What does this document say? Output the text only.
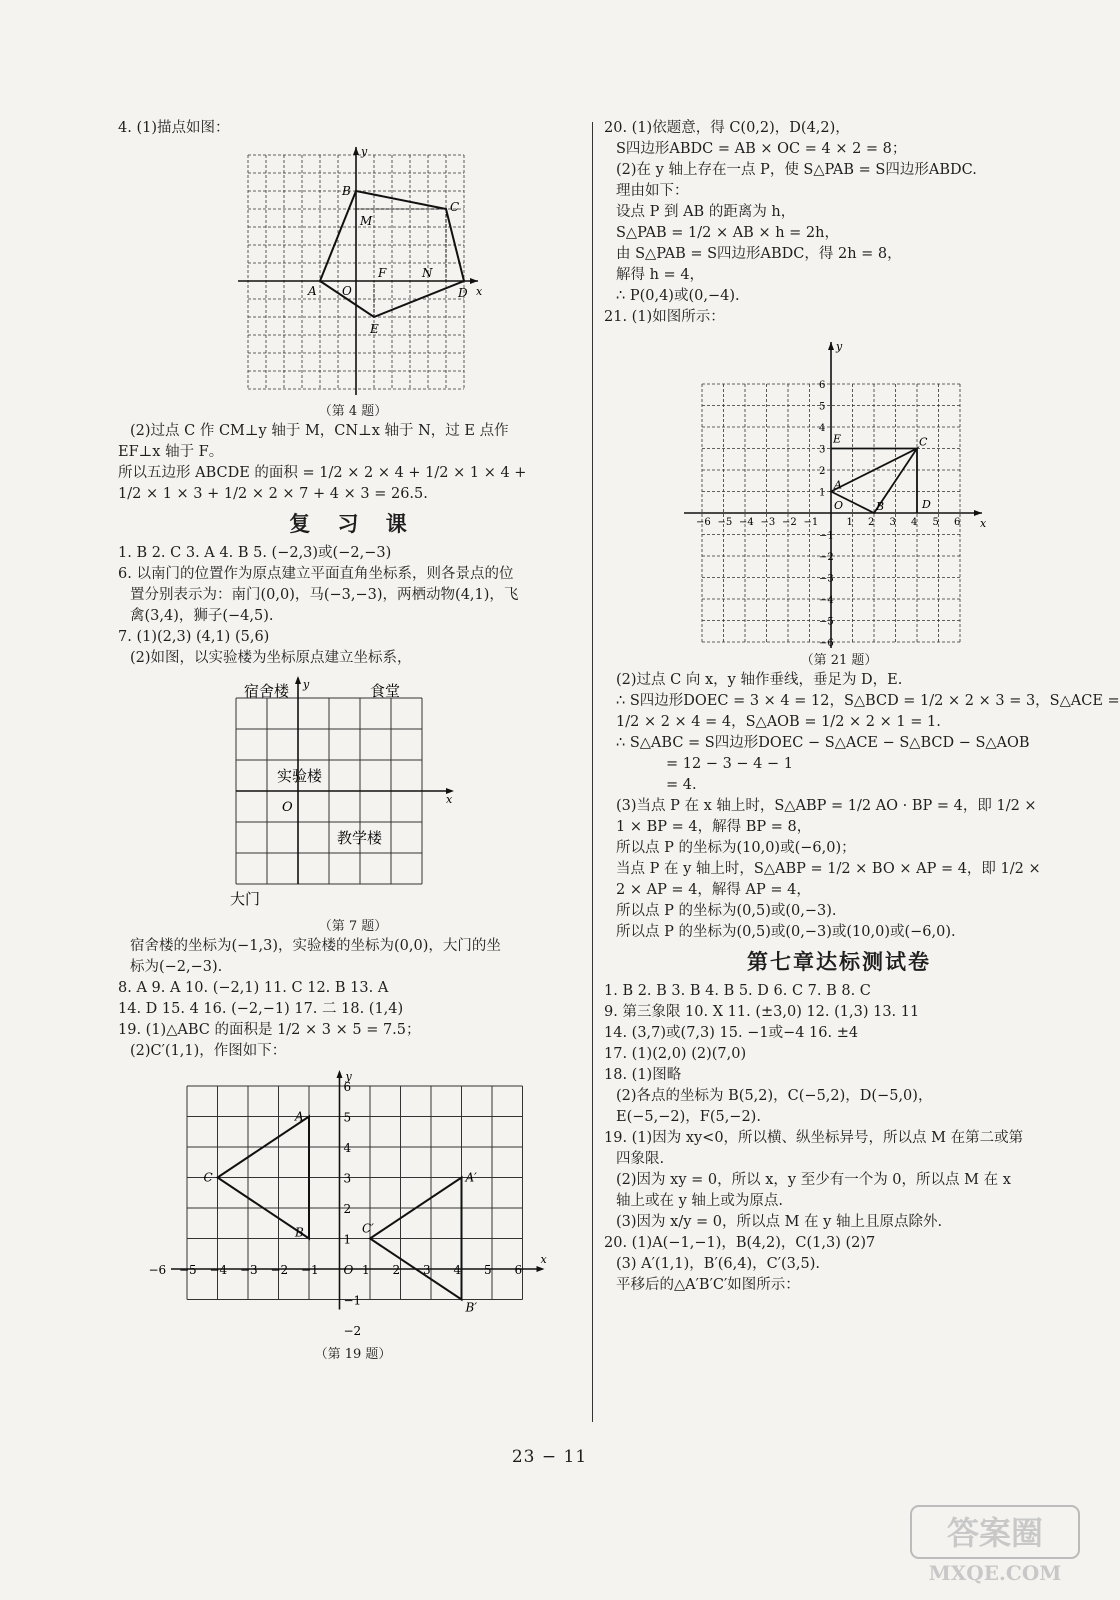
4. (1)描点如图：
x
y
A
B
C
D
E
F
M
N
O
（第 4 题）
(2)过点 C 作 CM⊥y 轴于 M，CN⊥x 轴于 N，过 E 点作
EF⊥x 轴于 F。
所以五边形 ABCDE 的面积 = 1/2 × 2 × 4 + 1/2 × 1 × 4 +
1/2 × 1 × 3 + 1/2 × 2 × 7 + 4 × 3 = 26.5.
复 习 课
1. B 2. C 3. A 4. B 5. (−2,3)或(−2,−3)
6. 以南门的位置作为原点建立平面直角坐标系，则各景点的位
置分别表示为：南门(0,0)，马(−3,−3)，两栖动物(4,1)，飞
禽(3,4)，狮子(−4,5).
7. (1)(2,3) (4,1) (5,6)
(2)如图，以实验楼为坐标原点建立坐标系，
x
y
宿舍楼	食堂
实验楼
教学楼
大门
O
（第 7 题）
宿舍楼的坐标为(−1,3)，实验楼的坐标为(0,0)，大门的坐
标为(−2,−3).
8. A 9. A 10. (−2,1) 11. C 12. B 13. A
14. D 15. 4 16. (−2,−1) 17. 二 18. (1,4)
19. (1)△ABC 的面积是 1/2 × 3 × 5 = 7.5；
(2)C′(1,1)，作图如下：
x
y
−6 −5 −4 −3 −2 −1	1 2 3 4 5 6
−2
−1
1
2
3
4
5
6
O
A
B
C	A′
B′
C′
（第 19 题）
20. (1)依题意，得 C(0,2)，D(4,2)，
S四边形ABDC = AB × OC = 4 × 2 = 8；
(2)在 y 轴上存在一点 P，使 S△PAB = S四边形ABDC.
理由如下：
设点 P 到 AB 的距离为 h，
S△PAB = 1/2 × AB × h = 2h，
由 S△PAB = S四边形ABDC，得 2h = 8，
解得 h = 4，
∴ P(0,4)或(0,−4).
21. (1)如图所示：
x
y
−6 −5 −4 −3 −2 −1	1 2 3 4 5 6
−6
−5
−4
−3
−2
−1
1
2
3
4
5
6
A
B
C
D
E
O
（第 21 题）
(2)过点 C 向 x，y 轴作垂线，垂足为 D，E.
∴ S四边形DOEC = 3 × 4 = 12，S△BCD = 1/2 × 2 × 3 = 3，S△ACE =
1/2 × 2 × 4 = 4，S△AOB = 1/2 × 2 × 1 = 1.
∴ S△ABC = S四边形DOEC − S△ACE − S△BCD − S△AOB
= 12 − 3 − 4 − 1
= 4.
(3)当点 P 在 x 轴上时，S△ABP = 1/2 AO · BP = 4，即 1/2 ×
1 × BP = 4，解得 BP = 8，
所以点 P 的坐标为(10,0)或(−6,0)；
当点 P 在 y 轴上时，S△ABP = 1/2 × BO × AP = 4，即 1/2 ×
2 × AP = 4，解得 AP = 4，
所以点 P 的坐标为(0,5)或(0,−3).
所以点 P 的坐标为(0,5)或(0,−3)或(10,0)或(−6,0).
第七章达标测试卷
1. B 2. B 3. B 4. B 5. D 6. C 7. B 8. C
9. 第三象限 10. X 11. (±3,0) 12. (1,3) 13. 11
14. (3,7)或(7,3) 15. −1或−4 16. ±4
17. (1)(2,0) (2)(7,0)
18. (1)图略
(2)各点的坐标为 B(5,2)，C(−5,2)，D(−5,0)，
E(−5,−2)，F(5,−2).
19. (1)因为 xy<0，所以横、纵坐标异号，所以点 M 在第二或第
四象限.
(2)因为 xy = 0，所以 x，y 至少有一个为 0，所以点 M 在 x
轴上或在 y 轴上或为原点.
(3)因为 x/y = 0，所以点 M 在 y 轴上且原点除外.
20. (1)A(−1,−1)，B(4,2)，C(1,3) (2)7
(3) A′(1,1)，B′(6,4)，C′(3,5).
平移后的△A′B′C′如图所示：
23 − 11
答案圈
MXQE.COM
